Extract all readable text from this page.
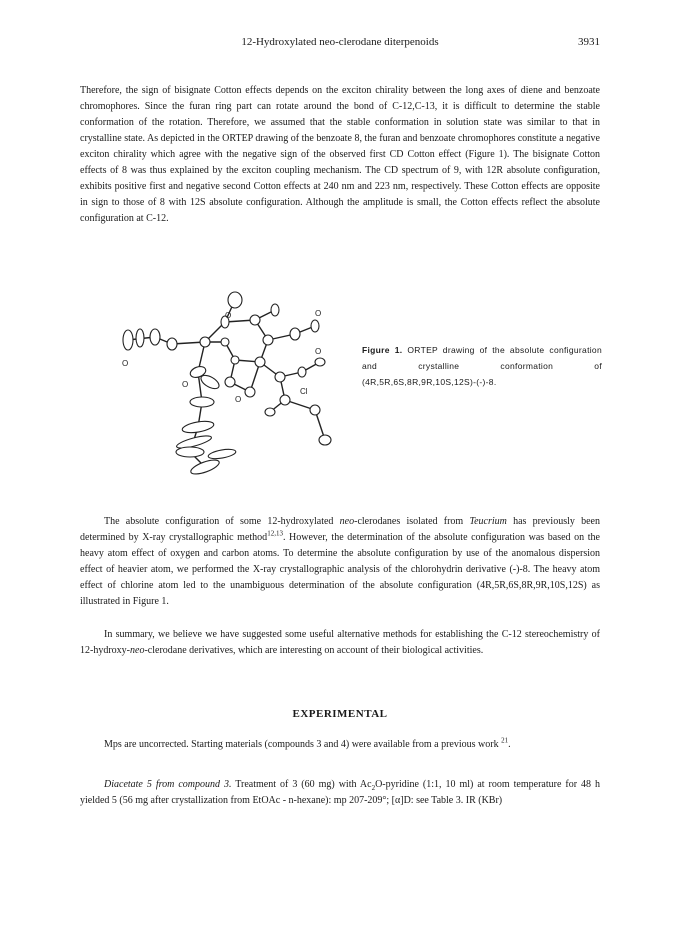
12-Hydroxylated neo-clerodane diterpenoids	3931

Therefore, the sign of bisignate Cotton effects depends on the exciton chirality between the long axes of diene and benzoate chromophores. Since the furan ring part can rotate around the bond of C-12,C-13, it is difficult to determine the stable conformation of the rotation. Therefore, we assumed that the stable conformation in solution state was similar to that in crystalline state. As depicted in the ORTEP drawing of the benzoate 8, the furan and benzoate chromophores constitute a negative exciton chirality which agree with the negative sign of the observed first CD Cotton effect (Figure 1). The bisignate Cotton effects of 8 was thus explained by the exciton coupling mechanism. The CD spectrum of 9, with 12R absolute configuration, exhibits positive first and negative second Cotton effects at 240 nm and 223 nm, respectively. These Cotton effects are opposite in sign to those of 8 with 12S absolute configuration. Although the amplitude is small, the Cotton effects reflect the absolute configuration at C-12.

O
O
O	O
O
O
Cl

Figure 1. ORTEP drawing of the absolute configuration and crystalline conformation of (4R,5R,6S,8R,9R,10S,12S)-(-)-8.

The absolute configuration of some 12-hydroxylated neo-clerodanes isolated from Teucrium has previously been determined by X-ray crystallographic method$^{12,13}$. However, the determination of the absolute configuration was based on the heavy atom effect of oxygen and carbon atoms. To determine the absolute configuration by use of the anomalous dispersion effect of heavier atom, we performed the X-ray crystallographic analysis of the chlorohydrin derivative (-)-8. The heavy atom effect of chlorine atom led to the unambiguous determination of the absolute configuration (4R,5R,6S,8R,9R,10S,12S) as illustrated in Figure 1.

In summary, we believe we have suggested some useful alternative methods for establishing the C-12 stereochemistry of 12-hydroxy-neo-clerodane derivatives, which are interesting on account of their biological activities.

EXPERIMENTAL

Mps are uncorrected. Starting materials (compounds 3 and 4) were available from a previous work $^{21}$.

Diacetate 5 from compound 3. Treatment of 3 (60 mg) with $Ac_2O$-pyridine (1:1, 10 ml) at room temperature for 48 h yielded 5 (56 mg after crystallization from EtOAc - n-hexane): mp 207-209°; [α]D: see Table 3. IR (KBr)
